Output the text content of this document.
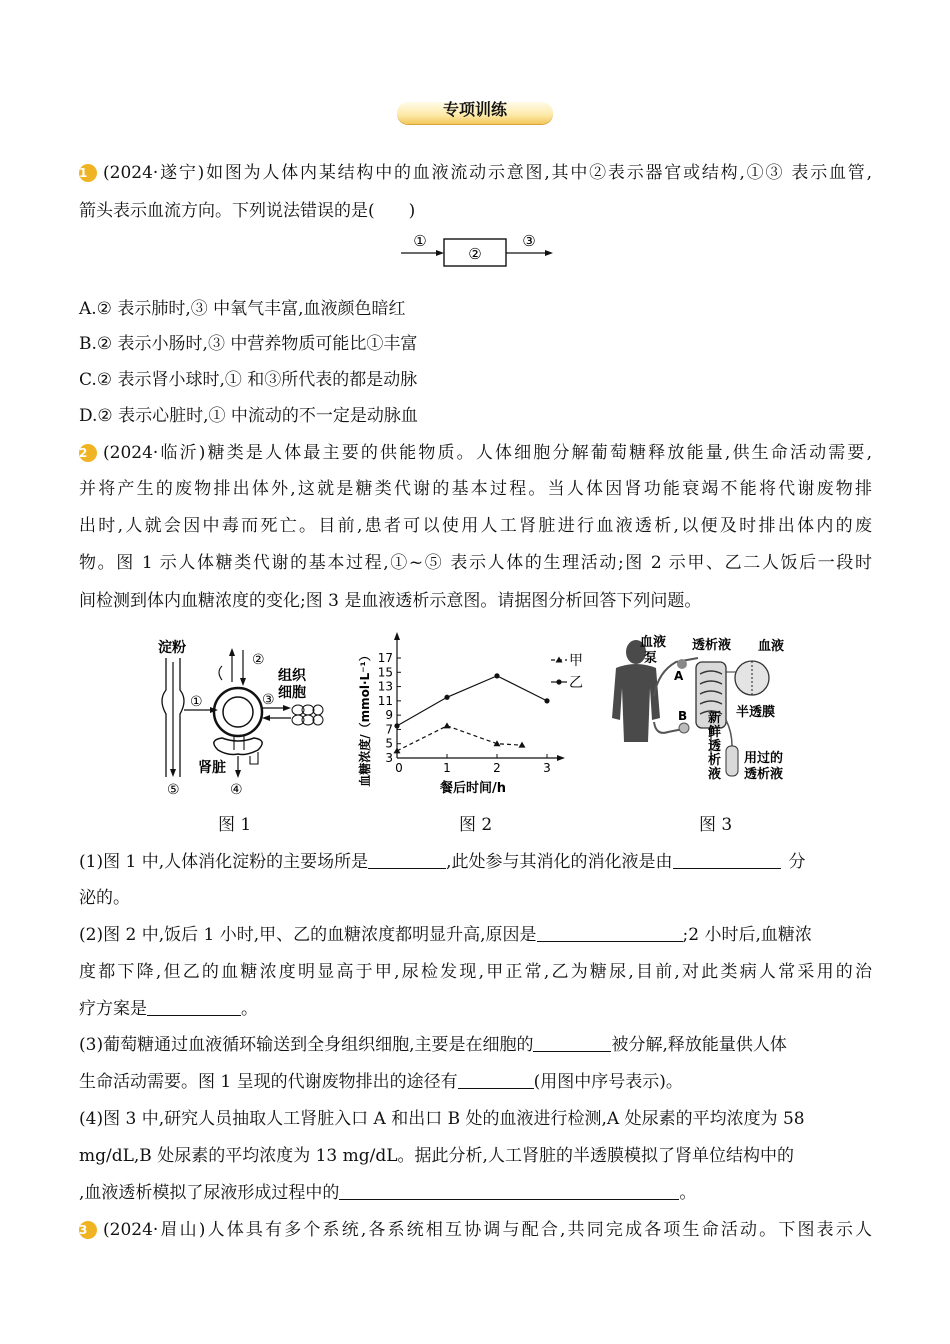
专项训练
1 (2024·遂宁)如图为人体内某结构中的血液流动示意图,其中②表示器官或结构,①③ 表示血管,
箭头表示血流方向。下列说法错误的是(　　)
①
②
③
A.② 表示肺时,③ 中氧气丰富,血液颜色暗红
B.② 表示小肠时,③ 中营养物质可能比①丰富
C.② 表示肾小球时,① 和③所代表的都是动脉
D.② 表示心脏时,① 中流动的不一定是动脉血
2 (2024·临沂)糖类是人体最主要的供能物质。人体细胞分解葡萄糖释放能量,供生命活动需要,
并将产生的废物排出体外,这就是糖类代谢的基本过程。当人体因肾功能衰竭不能将代谢废物排
出时,人就会因中毒而死亡。目前,患者可以使用人工肾脏进行血液透析,以便及时排出体内的废
物。图 1 示人体糖类代谢的基本过程,①~⑤ 表示人体的生理活动;图 2 示甲、乙二人饭后一段时
间检测到体内血糖浓度的变化;图 3 是血液透析示意图。请据图分析回答下列问题。
淀粉
⑤
①
②
③
组织
细胞
肾脏
④
图 1
3
5
7
9
11
13
15
17
0	1	2	3
餐后时间/h
血糖浓度/（mmol·L⁻¹）	甲
乙
图 2
血液
泵
透析液 血液
A
B	半透膜
新
鲜
透
析
液
用过的
透析液
图 3
(1)图 1 中,人体消化淀粉的主要场所是	,此处参与其消化的消化液是由	分
泌的。
(2)图 2 中,饭后 1 小时,甲、乙的血糖浓度都明显升高,原因是	;2 小时后,血糖浓
度都下降,但乙的血糖浓度明显高于甲,尿检发现,甲正常,乙为糖尿,目前,对此类病人常采用的治
疗方案是	。
(3)葡萄糖通过血液循环输送到全身组织细胞,主要是在细胞的	被分解,释放能量供人体
生命活动需要。图 1 呈现的代谢废物排出的途径有	(用图中序号表示)。
(4)图 3 中,研究人员抽取人工肾脏入口 A 和出口 B 处的血液进行检测,A 处尿素的平均浓度为 58
mg/dL,B 处尿素的平均浓度为 13 mg/dL。据此分析,人工肾脏的半透膜模拟了肾单位结构中的
,血液透析模拟了尿液形成过程中的	。
3 (2024·眉山)人体具有多个系统,各系统相互协调与配合,共同完成各项生命活动。下图表示人
